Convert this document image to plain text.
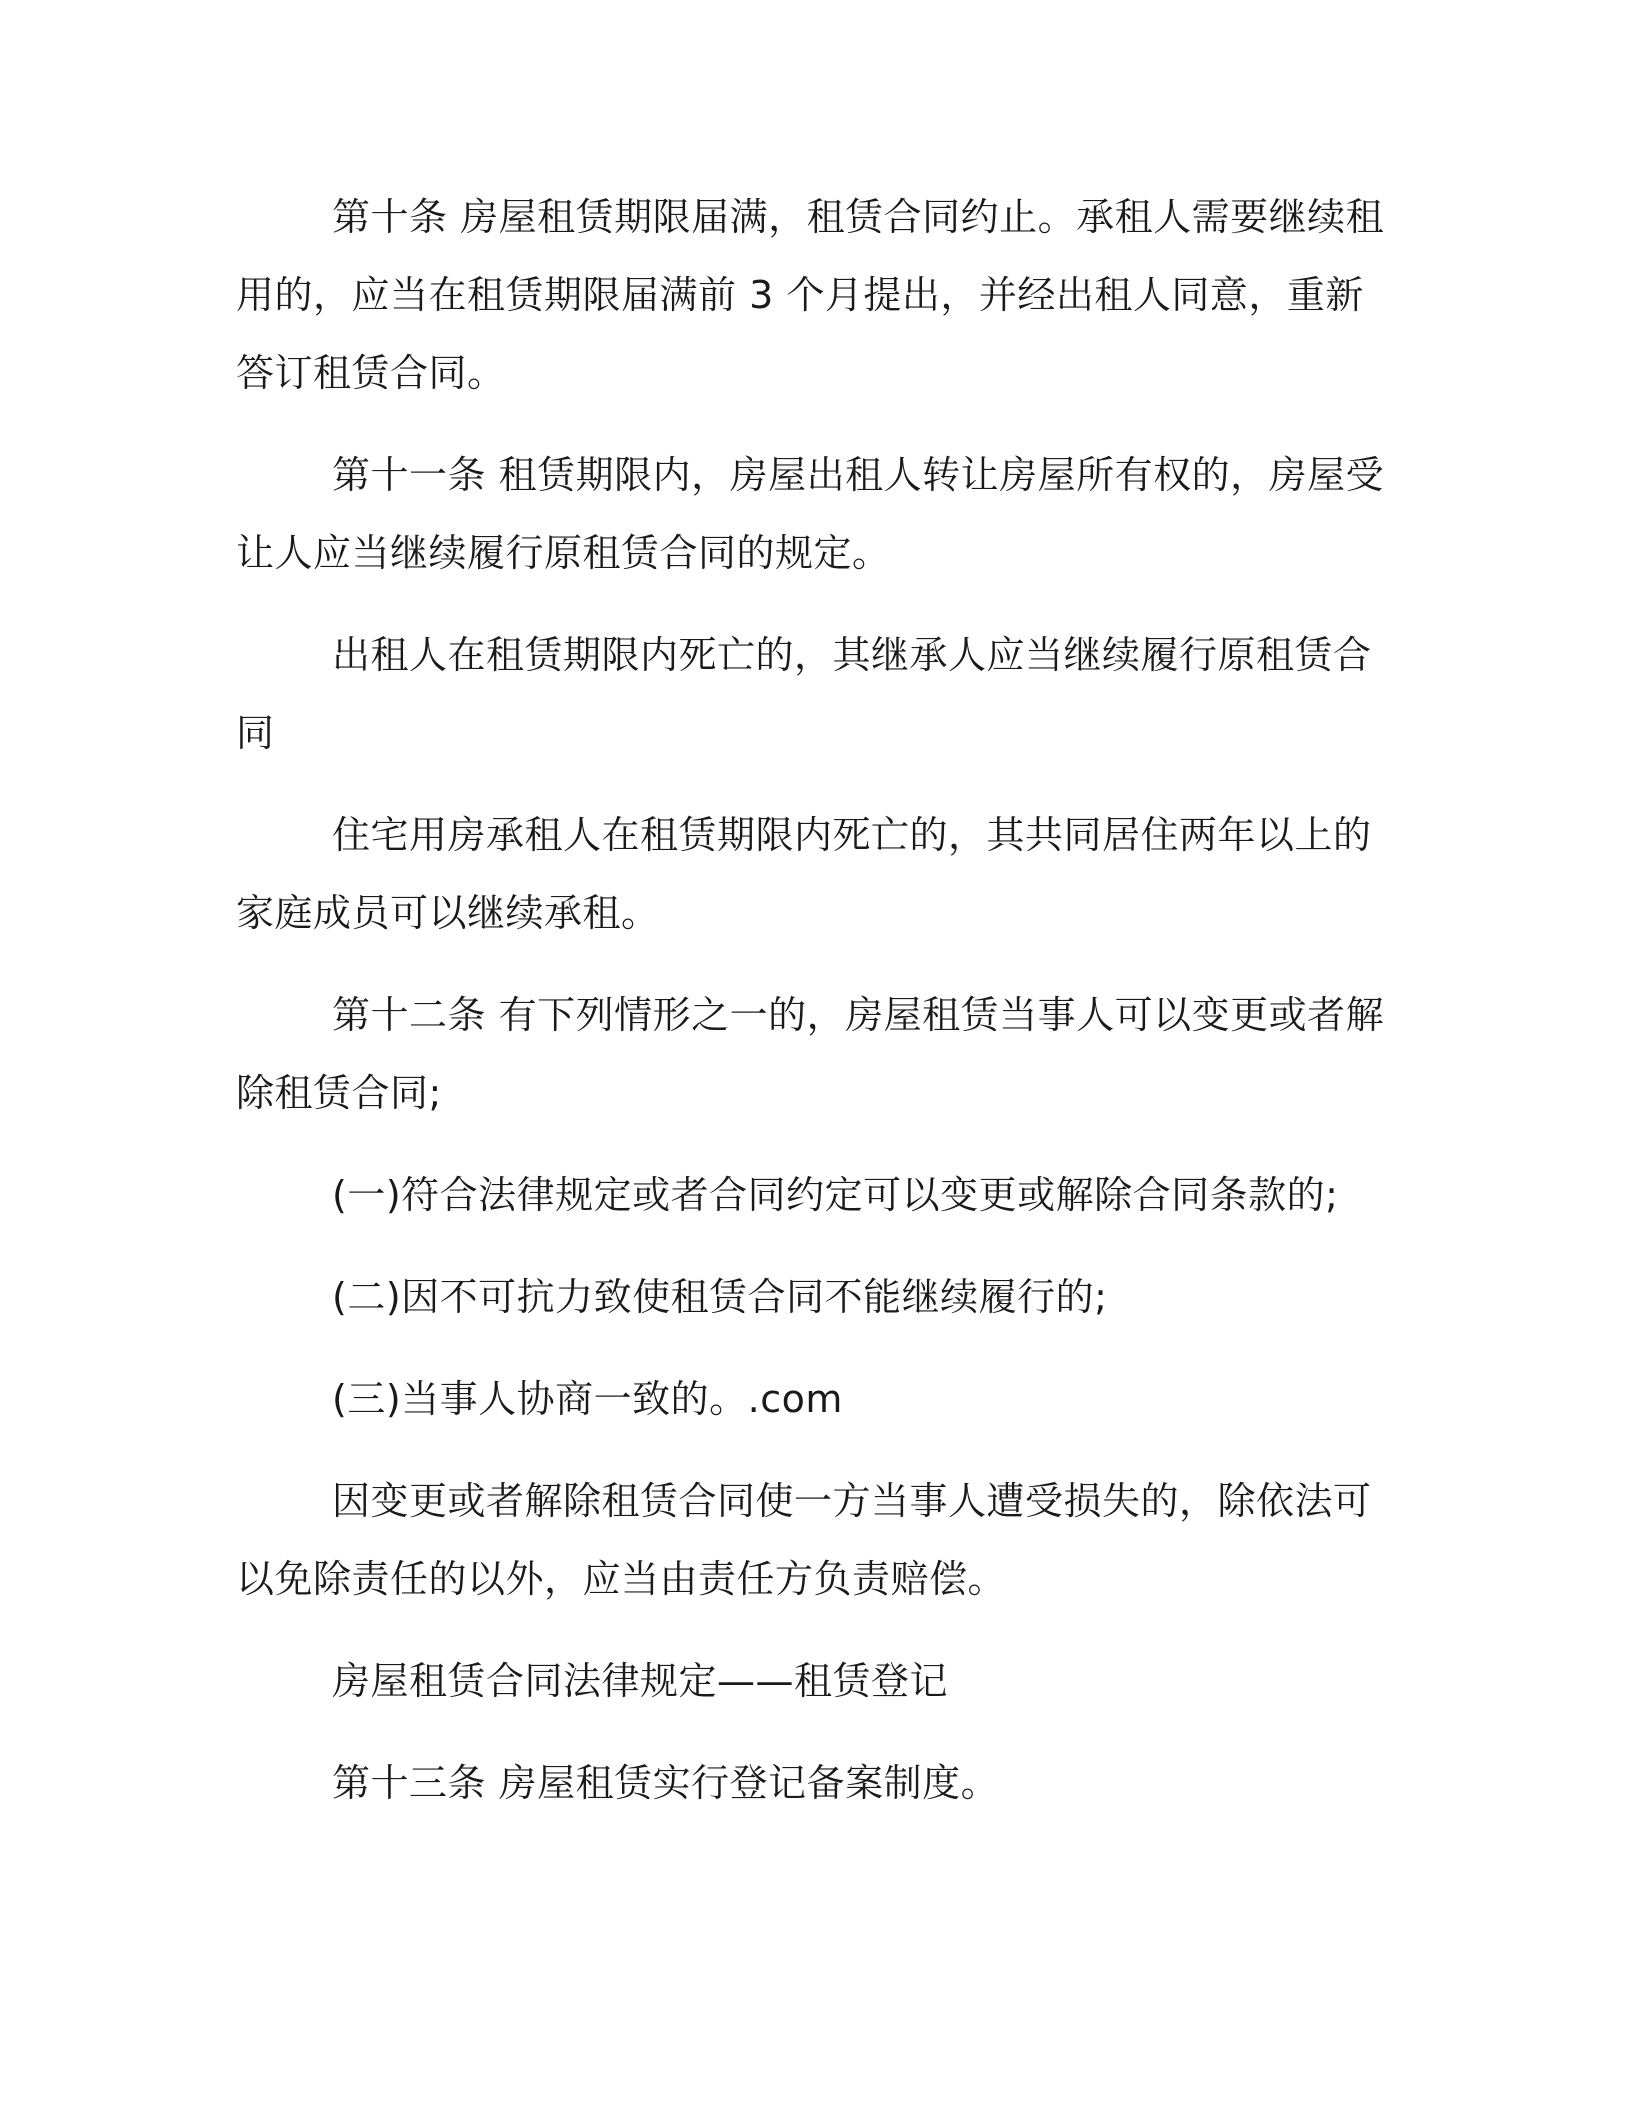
第十条 房屋租赁期限届满，租赁合同约止。承租人需要继续租用的，应当在租赁期限届满前 3 个月提出，并经出租人同意，重新答订租赁合同。

第十一条 租赁期限内，房屋出租人转让房屋所有权的，房屋受让人应当继续履行原租赁合同的规定。

出租人在租赁期限内死亡的，其继承人应当继续履行原租赁合同

住宅用房承租人在租赁期限内死亡的，其共同居住两年以上的家庭成员可以继续承租。

第十二条 有下列情形之一的，房屋租赁当事人可以变更或者解除租赁合同;

(一)符合法律规定或者合同约定可以变更或解除合同条款的;

(二)因不可抗力致使租赁合同不能继续履行的;

(三)当事人协商一致的。.com

因变更或者解除租赁合同使一方当事人遭受损失的，除依法可以免除责任的以外，应当由责任方负责赔偿。

房屋租赁合同法律规定——租赁登记

第十三条 房屋租赁实行登记备案制度。
